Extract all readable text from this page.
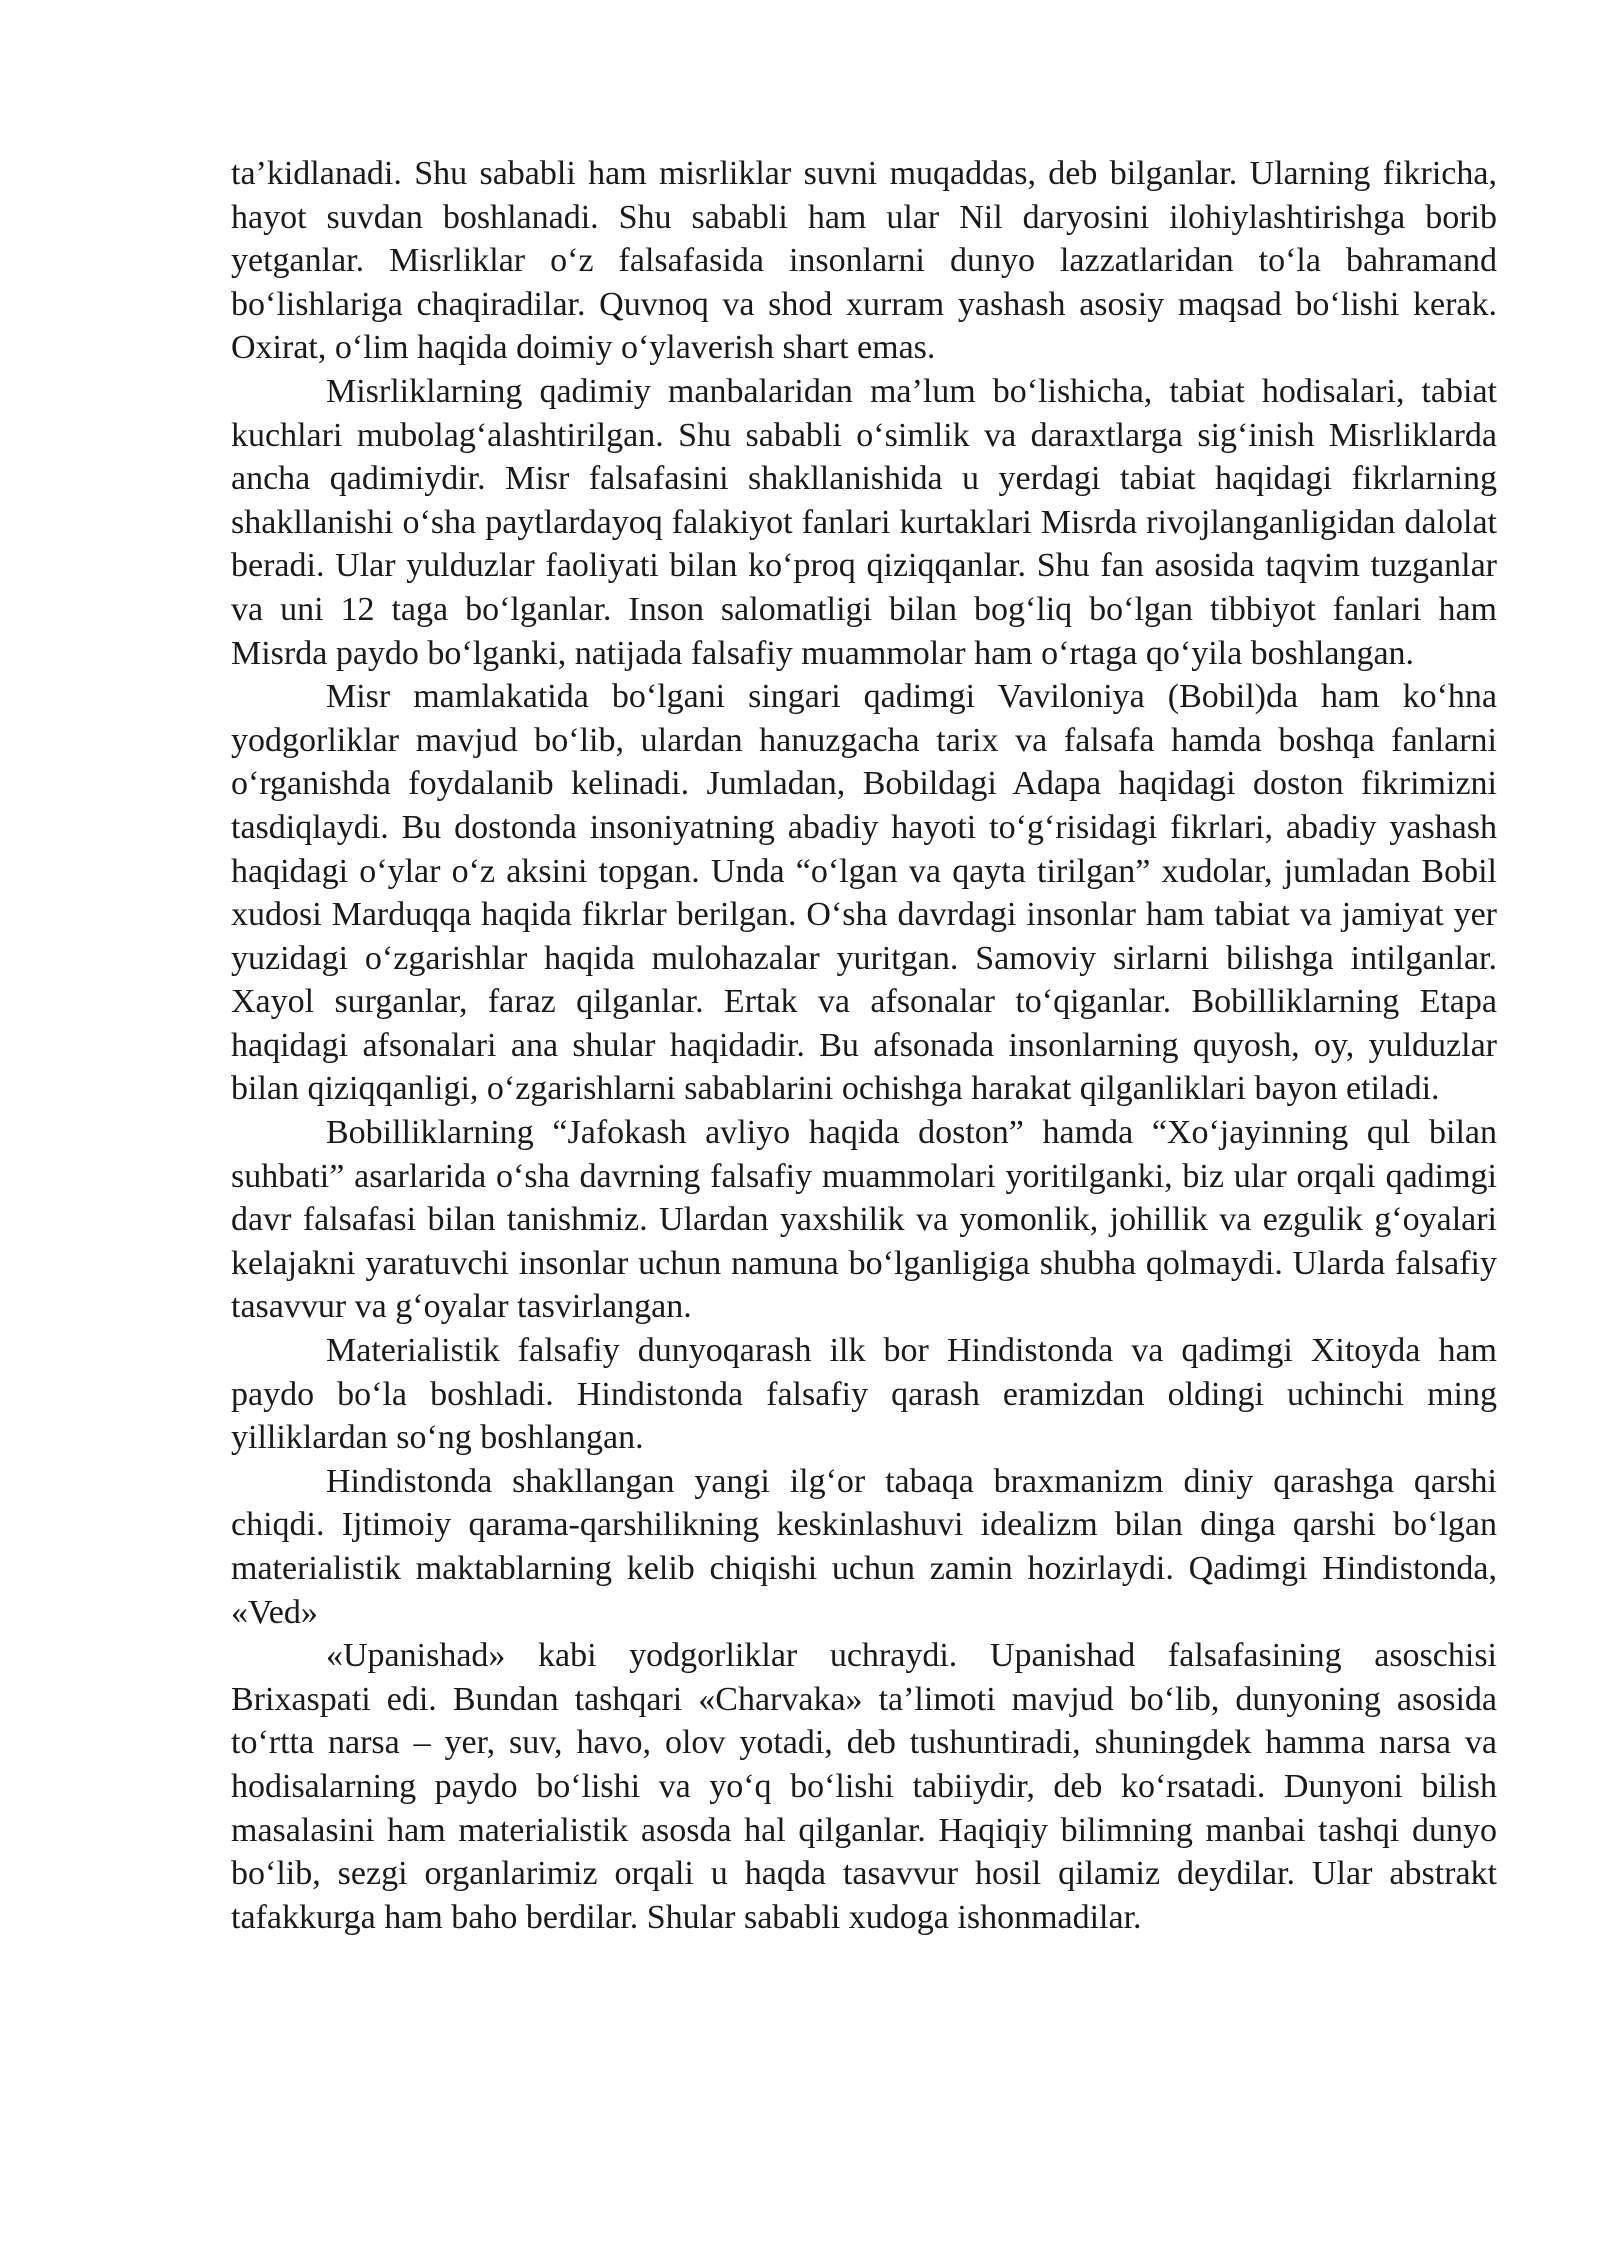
ta’kidlanadi. Shu sababli ham misrliklar suvni muqaddas, deb bilganlar. Ularning fikricha, hayot suvdan boshlanadi. Shu sababli ham ular Nil daryosini ilohiylashtirishga borib yetganlar. Misrliklar o‘z falsafasida insonlarni dunyo lazzatlaridan to‘la bahramand bo‘lishlariga chaqiradilar. Quvnoq va shod xurram yashash asosiy maqsad bo‘lishi kerak. Oxirat, o‘lim haqida doimiy o‘ylaverish shart emas.

Misrliklarning qadimiy manbalaridan ma’lum bo‘lishicha, tabiat hodisalari, tabiat kuchlari mubolag‘alashtirilgan. Shu sababli o‘simlik va daraxtlarga sig‘inish Misrliklarda ancha qadimiydir. Misr falsafasini shakllanishida u yerdagi tabiat haqidagi fikrlarning shakllanishi o‘sha paytlardayoq falakiyot fanlari kurtaklari Misrda rivojlanganligidan dalolat beradi. Ular yulduzlar faoliyati bilan ko‘proq qiziqqanlar. Shu fan asosida taqvim tuzganlar va uni 12 taga bo‘lganlar. Inson salomatligi bilan bog‘liq bo‘lgan tibbiyot fanlari ham Misrda paydo bo‘lganki, natijada falsafiy muammolar ham o‘rtaga qo‘yila boshlangan.

Misr mamlakatida bo‘lgani singari qadimgi Vaviloniya (Bobil)da ham ko‘hna yodgorliklar mavjud bo‘lib, ulardan hanuzgacha tarix va falsafa hamda boshqa fanlarni o‘rganishda foydalanib kelinadi. Jumladan, Bobildagi Adapa haqidagi doston fikrimizni tasdiqlaydi. Bu dostonda insoniyatning abadiy hayoti to‘g‘risidagi fikrlari, abadiy yashash haqidagi o‘ylar o‘z aksini topgan. Unda “o‘lgan va qayta tirilgan” xudolar, jumladan Bobil xudosi Marduqqa haqida fikrlar berilgan. O‘sha davrdagi insonlar ham tabiat va jamiyat yer yuzidagi o‘zgarishlar haqida mulohazalar yuritgan. Samoviy sirlarni bilishga intilganlar. Xayol surganlar, faraz qilganlar. Ertak va afsonalar to‘qiganlar. Bobilliklarning Etapa haqidagi afsonalari ana shular haqidadir. Bu afsonada insonlarning quyosh, oy, yulduzlar bilan qiziqqanligi, o‘zgarishlarni sabablarini ochishga harakat qilganliklari bayon etiladi.

Bobilliklarning “Jafokash avliyo haqida doston” hamda “Xo‘jayinning qul bilan suhbati” asarlarida o‘sha davrning falsafiy muammolari yoritilganki, biz ular orqali qadimgi davr falsafasi bilan tanishmiz. Ulardan yaxshilik va yomonlik, johillik va ezgulik g‘oyalari kelajakni yaratuvchi insonlar uchun namuna bo‘lganligiga shubha qolmaydi. Ularda falsafiy tasavvur va g‘oyalar tasvirlangan.

Materialistik falsafiy dunyoqarash ilk bor Hindistonda va qadimgi Xitoyda ham paydo bo‘la boshladi. Hindistonda falsafiy qarash eramizdan oldingi uchinchi ming yilliklardan so‘ng boshlangan.

Hindistonda shakllangan yangi ilg‘or tabaqa braxmanizm diniy qarashga qarshi chiqdi. Ijtimoiy qarama-qarshilikning keskinlashuvi idealizm bilan dinga qarshi bo‘lgan materialistik maktablarning kelib chiqishi uchun zamin hozirlaydi. Qadimgi Hindistonda, «Ved»

«Upanishad» kabi yodgorliklar uchraydi. Upanishad falsafasining asoschisi Brixaspati edi. Bundan tashqari «Charvaka» ta’limoti mavjud bo‘lib, dunyoning asosida to‘rtta narsa – yer, suv, havo, olov yotadi, deb tushuntiradi, shuningdek hamma narsa va hodisalarning paydo bo‘lishi va yo‘q bo‘lishi tabiiydir, deb ko‘rsatadi. Dunyoni bilish masalasini ham materialistik asosda hal qilganlar. Haqiqiy bilimning manbai tashqi dunyo bo‘lib, sezgi organlarimiz orqali u haqda tasavvur hosil qilamiz deydilar. Ular abstrakt tafakkurga ham baho berdilar. Shular sababli xudoga ishonmadilar.
